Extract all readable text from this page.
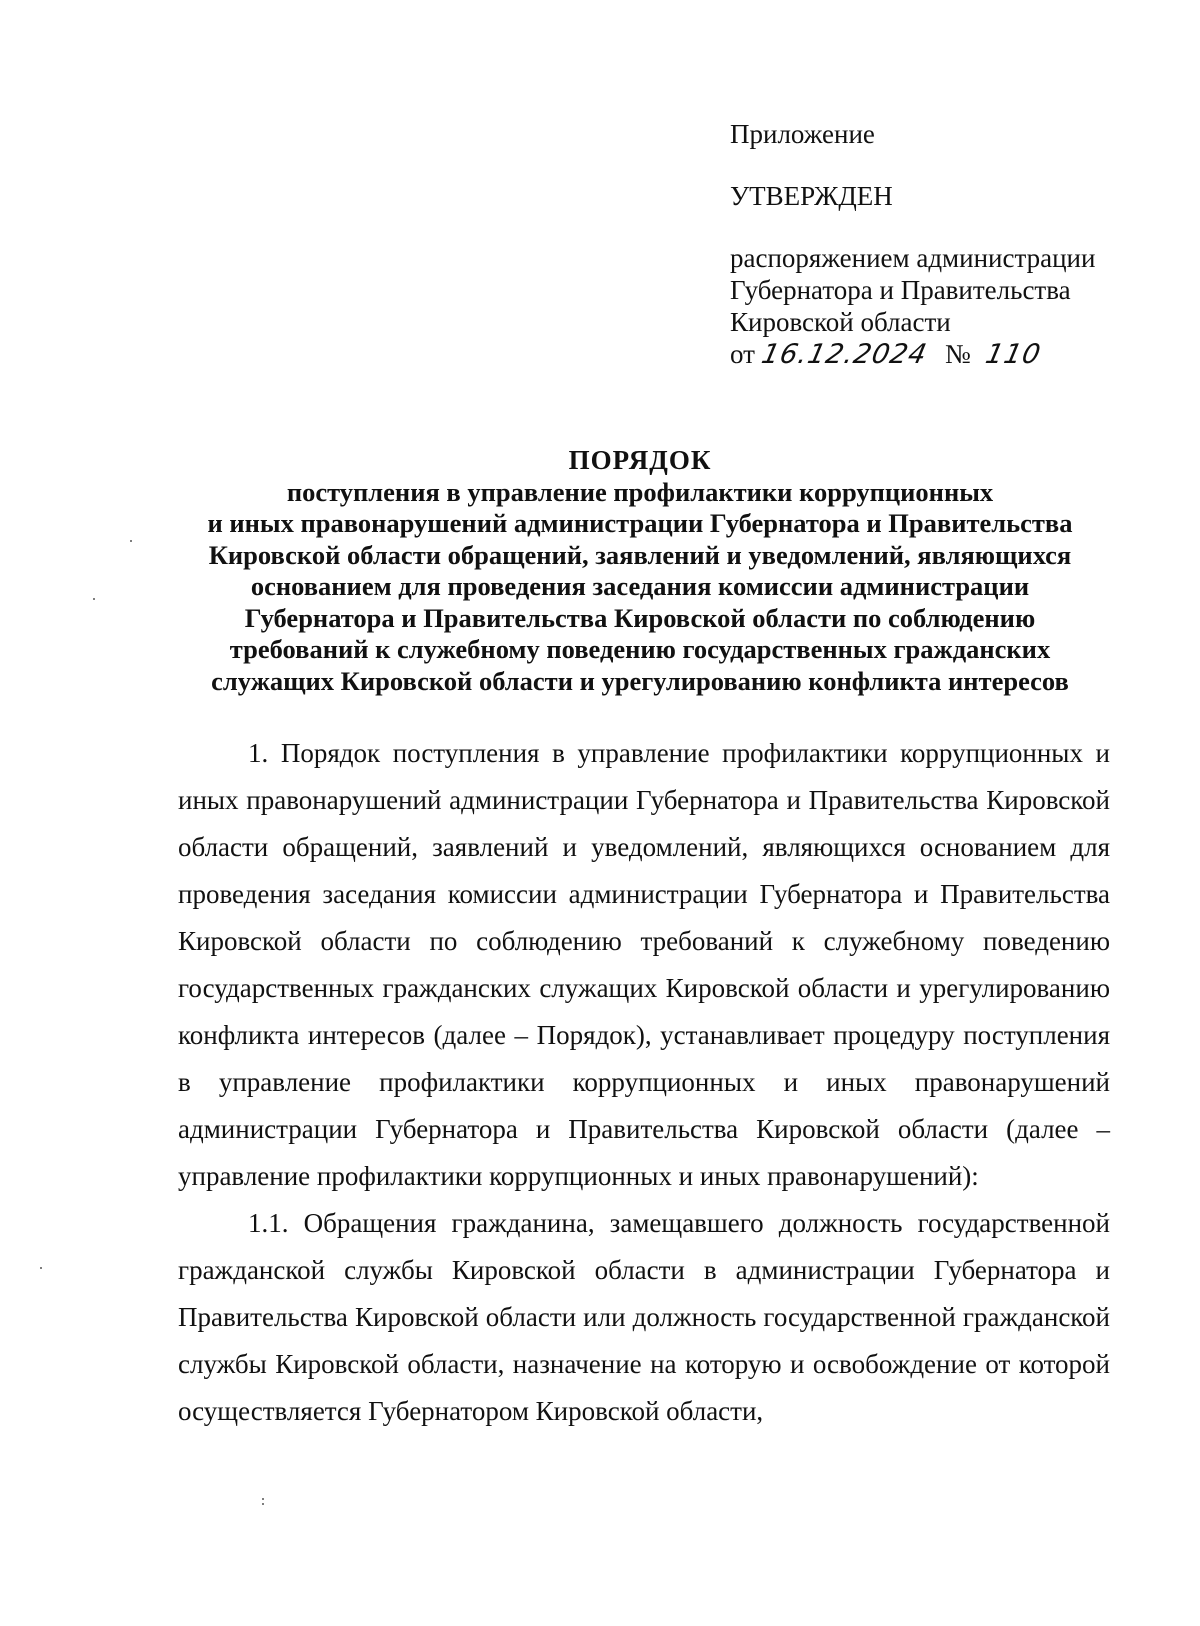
Приложение

УТВЕРЖДЕН

распоряжением администрации
Губернатора и Правительства
Кировской области
от 16.12.2024 № 110
ПОРЯДОК
поступления в управление профилактики коррупционных
и иных правонарушений администрации Губернатора и Правительства
Кировской области обращений, заявлений и уведомлений, являющихся
основанием для проведения заседания комиссии администрации
Губернатора и Правительства Кировской области по соблюдению
требований к служебному поведению государственных гражданских
служащих Кировской области и урегулированию конфликта интересов

1. Порядок поступления в управление профилактики коррупционных и иных правонарушений администрации Губернатора и Правительства Кировской области обращений, заявлений и уведомлений, являющихся основанием для проведения заседания комиссии администрации Губернатора и Правительства Кировской области по соблюдению требований к служебному поведению государственных гражданских служащих Кировской области и урегулированию конфликта интересов (далее – Порядок), устанавливает процедуру поступления в управление профилактики коррупционных и иных правонарушений администрации Губернатора и Правительства Кировской области (далее – управление профилактики коррупционных и иных правонарушений):

1.1. Обращения гражданина, замещавшего должность государственной гражданской службы Кировской области в администрации Губернатора и Правительства Кировской области или должность государственной гражданской службы Кировской области, назначение на которую и освобождение от которой осуществляется Губернатором Кировской области,
